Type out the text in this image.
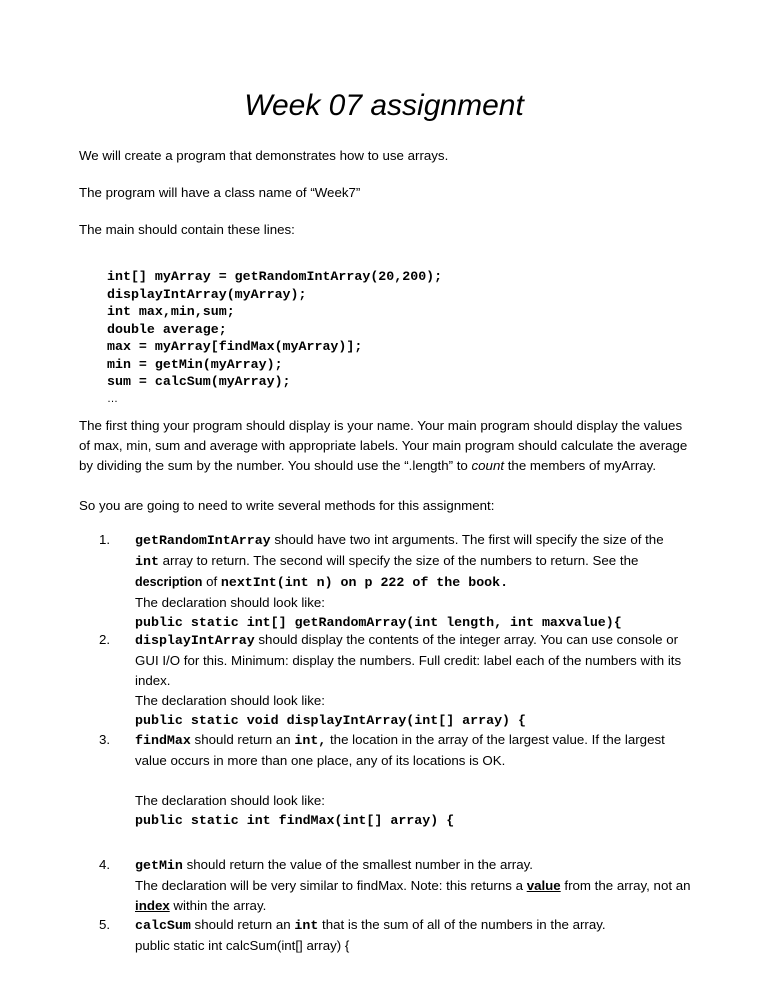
Week 07 assignment

We will create a program that demonstrates how to use arrays.

The program will have a class name of “Week7”

The main should contain these lines:

int[] myArray = getRandomIntArray(20,200);
displayIntArray(myArray);
int max,min,sum;
double average;
max = myArray[findMax(myArray)];
min = getMin(myArray);
sum = calcSum(myArray);
…
The first thing your program should display is your name. Your main program should display the values
of max, min, sum and average with appropriate labels. Your main program should calculate the average
by dividing the sum by the number. You should use the “.length” to count the members of myArray.

So you are going to need to write several methods for this assignment:

1. getRandomIntArray should have two int arguments. The first will specify the size of the
int array to return. The second will specify the size of the numbers to return. See the
description of nextInt(int n) on p 222 of the book.
The declaration should look like:
public static int[] getRandomArray(int length, int maxvalue){
2. displayIntArray should display the contents of the integer array. You can use console or
GUI I/O for this. Minimum: display the numbers. Full credit: label each of the numbers with its
index.
The declaration should look like:
public static void displayIntArray(int[] array) {
3. findMax should return an int, the location in the array of the largest value. If the largest
value occurs in more than one place, any of its locations is OK.
The declaration should look like:
public static int findMax(int[] array) {
4. getMin should return the value of the smallest number in the array.
The declaration will be very similar to findMax. Note: this returns a value from the array, not an
index within the array.
5. calcSum should return an int that is the sum of all of the numbers in the array.
public static int calcSum(int[] array) {
